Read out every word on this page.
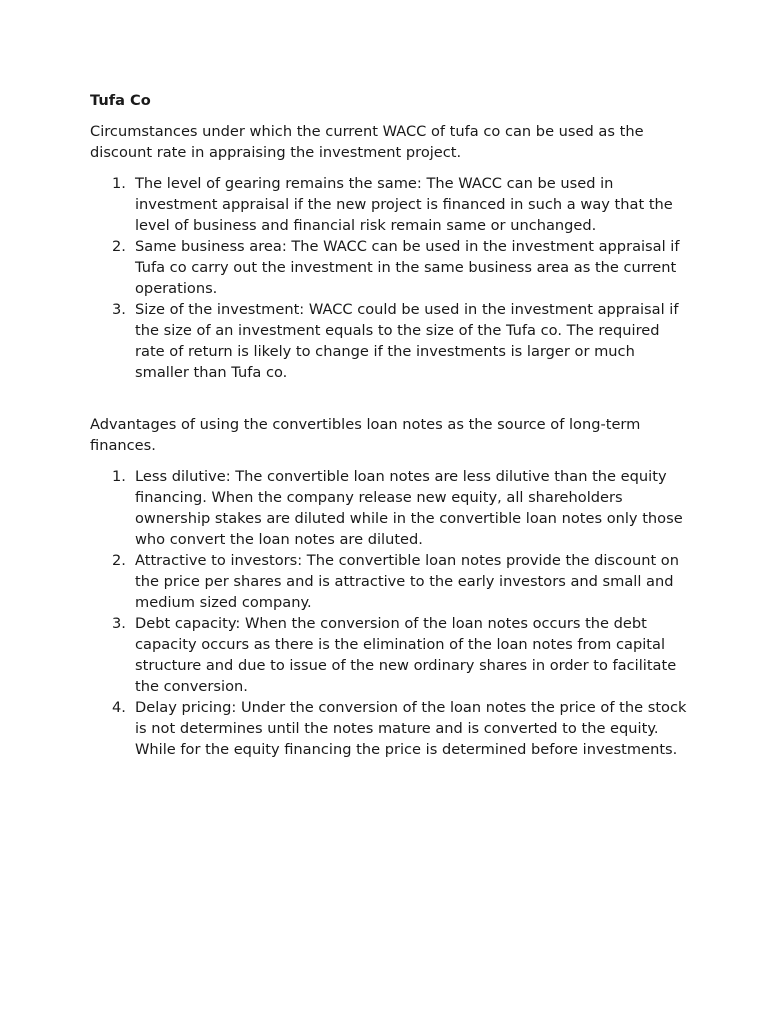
Tufa Co

Circumstances under which the current WACC of tufa co can be used as the discount rate in appraising the investment project.

1. The level of gearing remains the same: The WACC can be used in investment appraisal if the new project is financed in such a way that the level of business and financial risk remain same or unchanged.
2. Same business area: The WACC can be used in the investment appraisal if Tufa co carry out the investment in the same business area as the current operations.
3. Size of the investment: WACC could be used in the investment appraisal if the size of an investment equals to the size of the Tufa co. The required rate of return is likely to change if the investments is larger or much smaller than Tufa co.

Advantages of using the convertibles loan notes as the source of long-term finances.

1. Less dilutive: The convertible loan notes are less dilutive than the equity financing. When the company release new equity, all shareholders ownership stakes are diluted while in the convertible loan notes only those who convert the loan notes are diluted.
2. Attractive to investors: The convertible loan notes provide the discount on the price per shares and is attractive to the early investors and small and medium sized company.
3. Debt capacity: When the conversion of the loan notes occurs the debt capacity occurs as there is the elimination of the loan notes from capital structure and due to issue of the new ordinary shares in order to facilitate the conversion.
4. Delay pricing: Under the conversion of the loan notes the price of the stock is not determines until the notes mature and is converted to the equity. While for the equity financing the price is determined before investments.
